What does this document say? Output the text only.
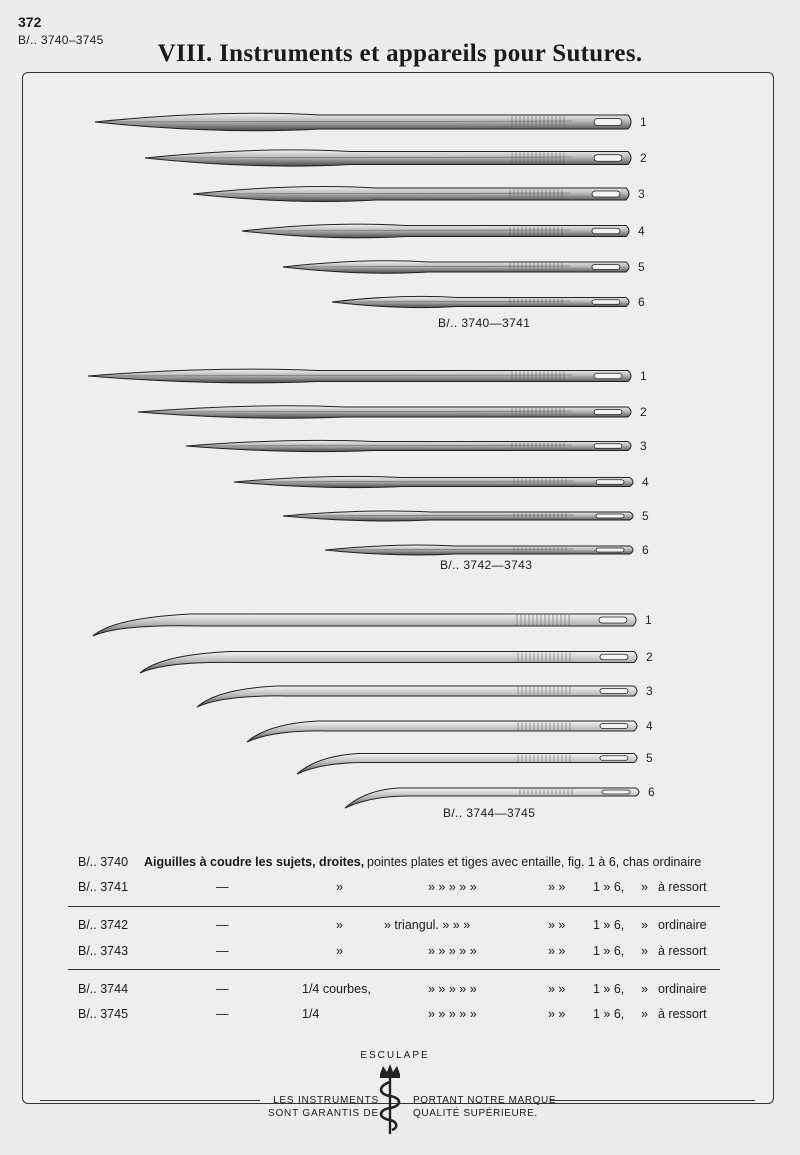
372
B/.. 3740–3745	VIII. Instruments et appareils pour Sutures.
1
2
3
4
5
6
1
2
3
4
5
6
1
2
3
4
5
6
B/.. 3740—3741
B/.. 3742—3743
B/.. 3744—3745
B/.. 3740 Aiguilles à coudre les sujets, droites, pointes plates et tiges avec entaille, fig. 1 à 6, chas ordinaire
B/.. 3741	—	»	» » » » »	» » 1 » 6, » à ressort
B/.. 3742	—	»	» triangul. » » »	» » 1 » 6, » ordinaire
B/.. 3743	—	»	» » » » »	» » 1 » 6, » à ressort
B/.. 3744	—	1/4 courbes,	» » » » »	» » 1 » 6, » ordinaire
B/.. 3745	—	1/4	» » » » »	» » 1 » 6, » à ressort
ESCULAPE
LES INSTRUMENTS
SONT GARANTIS DE
PORTANT NOTRE MARQUE
QUALITÉ SUPÉRIEURE.
